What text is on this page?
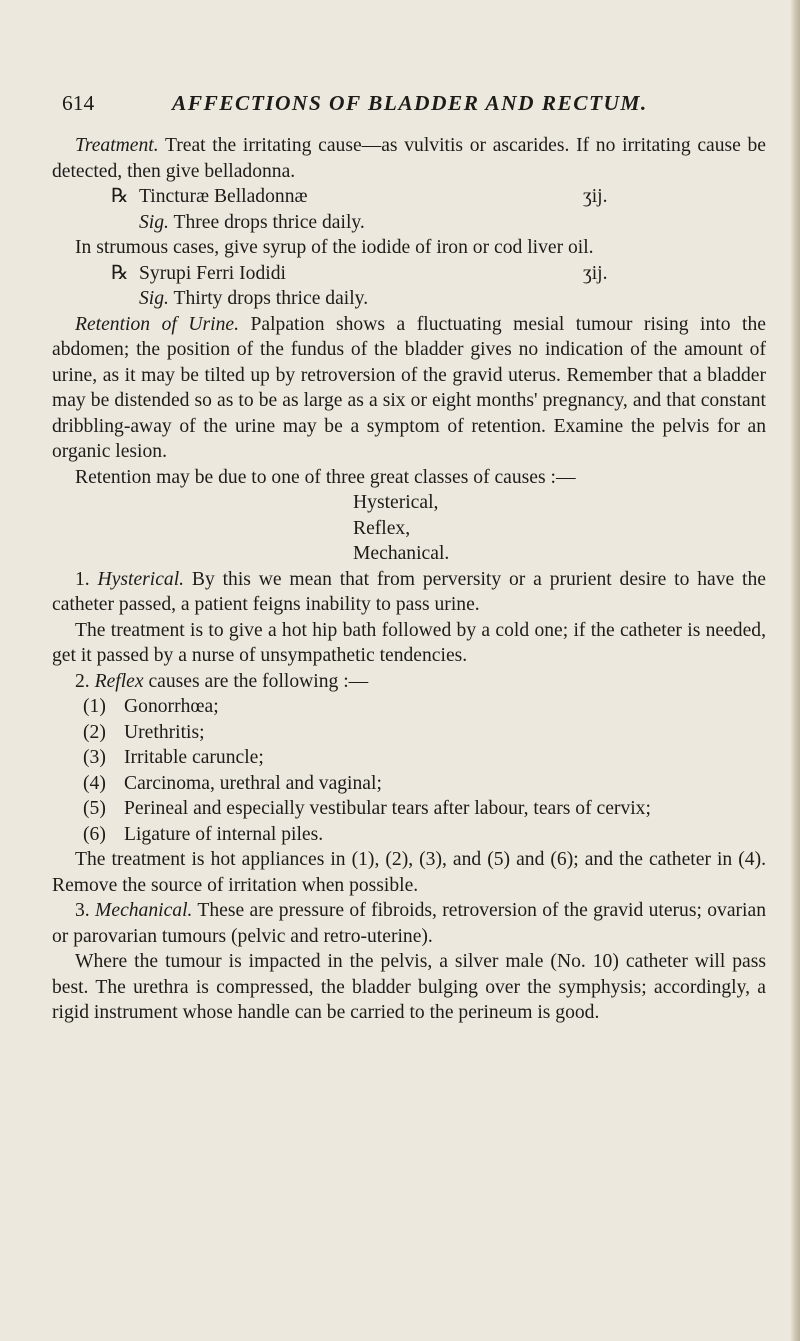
614	AFFECTIONS OF BLADDER AND RECTUM.

Treatment. Treat the irritating cause—as vulvitis or ascarides. If no irritating cause be detected, then give belladonna.

℞ Tincturæ Belladonnæ	ʒij.
Sig. Three drops thrice daily.

In strumous cases, give syrup of the iodide of iron or cod liver oil.

℞ Syrupi Ferri Iodidi	ʒij.
Sig. Thirty drops thrice daily.

Retention of Urine. Palpation shows a fluctuating mesial tumour rising into the abdomen; the position of the fundus of the bladder gives no indication of the amount of urine, as it may be tilted up by retroversion of the gravid uterus. Remember that a bladder may be distended so as to be as large as a six or eight months' pregnancy, and that constant dribbling-away of the urine may be a symptom of retention. Examine the pelvis for an organic lesion.

Retention may be due to one of three great classes of causes :—

Hysterical,
Reflex,
Mechanical.

1. Hysterical. By this we mean that from perversity or a prurient desire to have the catheter passed, a patient feigns inability to pass urine.

The treatment is to give a hot hip bath followed by a cold one; if the catheter is needed, get it passed by a nurse of unsympathetic tendencies.

2. Reflex causes are the following :—

(1) Gonorrhœa;
(2) Urethritis;
(3) Irritable caruncle;
(4) Carcinoma, urethral and vaginal;
(5) Perineal and especially vestibular tears after labour, tears of cervix;
(6) Ligature of internal piles.

The treatment is hot appliances in (1), (2), (3), and (5) and (6); and the catheter in (4). Remove the source of irritation when possible.

3. Mechanical. These are pressure of fibroids, retroversion of the gravid uterus; ovarian or parovarian tumours (pelvic and retro-uterine).

Where the tumour is impacted in the pelvis, a silver male (No. 10) catheter will pass best. The urethra is compressed, the bladder bulging over the symphysis; accordingly, a rigid instrument whose handle can be carried to the perineum is good.
